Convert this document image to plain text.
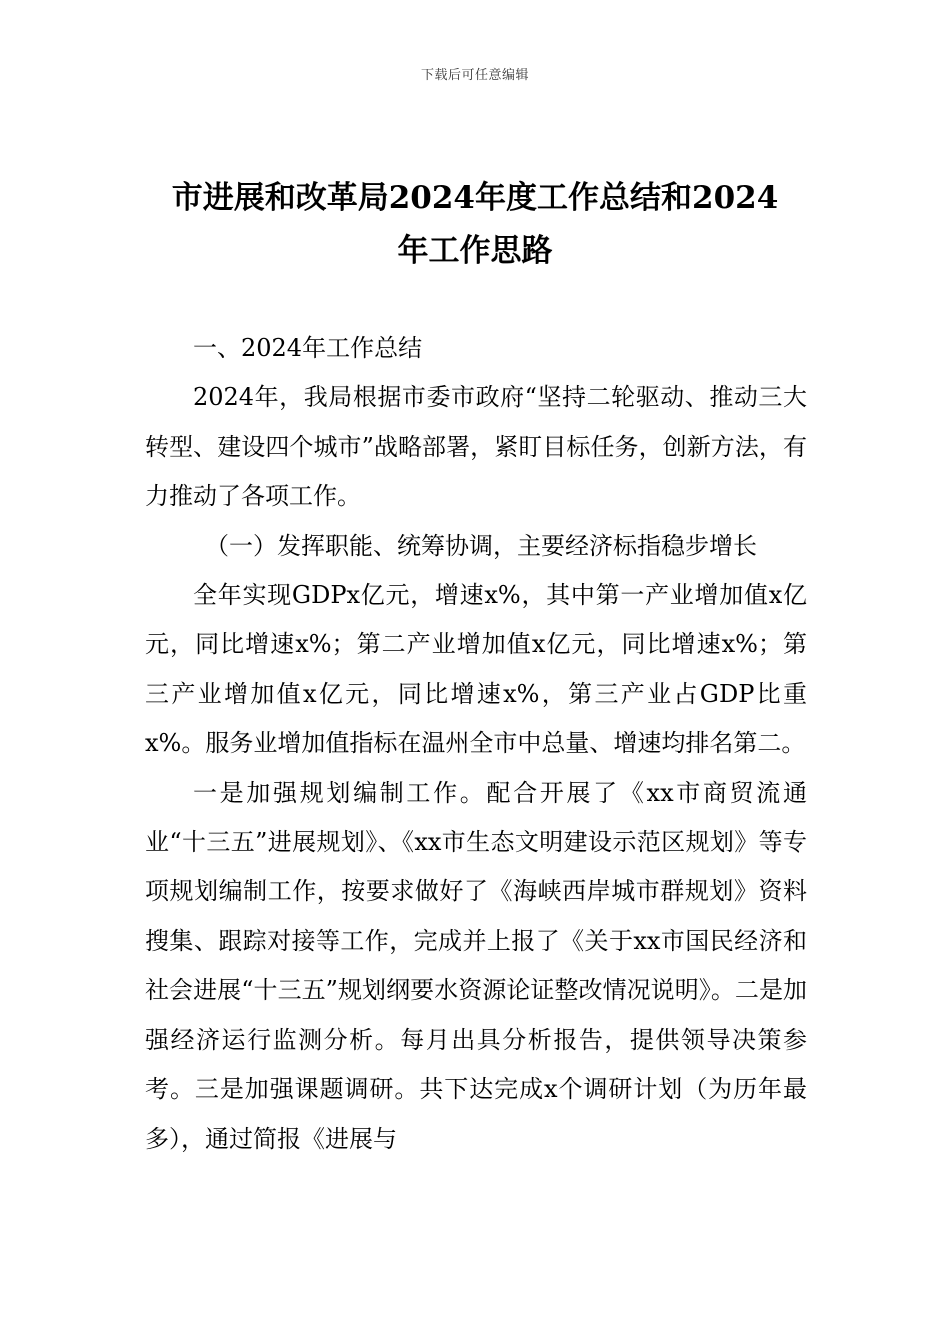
下载后可任意编辑
市进展和改革局2024年度工作总结和2024
年工作思路

一、2024年工作总结

2024年，我局根据市委市政府“坚持二轮驱动、推动三大转型、建设四个城市”战略部署，紧盯目标任务，创新方法，有力推动了各项工作。

（一）发挥职能、统筹协调，主要经济标指稳步增长

全年实现GDPx亿元，增速x%，其中第一产业增加值x亿元，同比增速x%；第二产业增加值x亿元，同比增速x%；第三产业增加值x亿元，同比增速x%，第三产业占GDP比重x%。服务业增加值指标在温州全市中总量、增速均排名第二。

一是加强规划编制工作。配合开展了《xx市商贸流通业“十三五”进展规划》、《xx市生态文明建设示范区规划》等专项规划编制工作，按要求做好了《海峡西岸城市群规划》资料搜集、跟踪对接等工作，完成并上报了《关于xx市国民经济和社会进展“十三五”规划纲要水资源论证整改情况说明》。二是加强经济运行监测分析。每月出具分析报告，提供领导决策参考。三是加强课题调研。共下达完成x个调研计划（为历年最多），通过简报《进展与
